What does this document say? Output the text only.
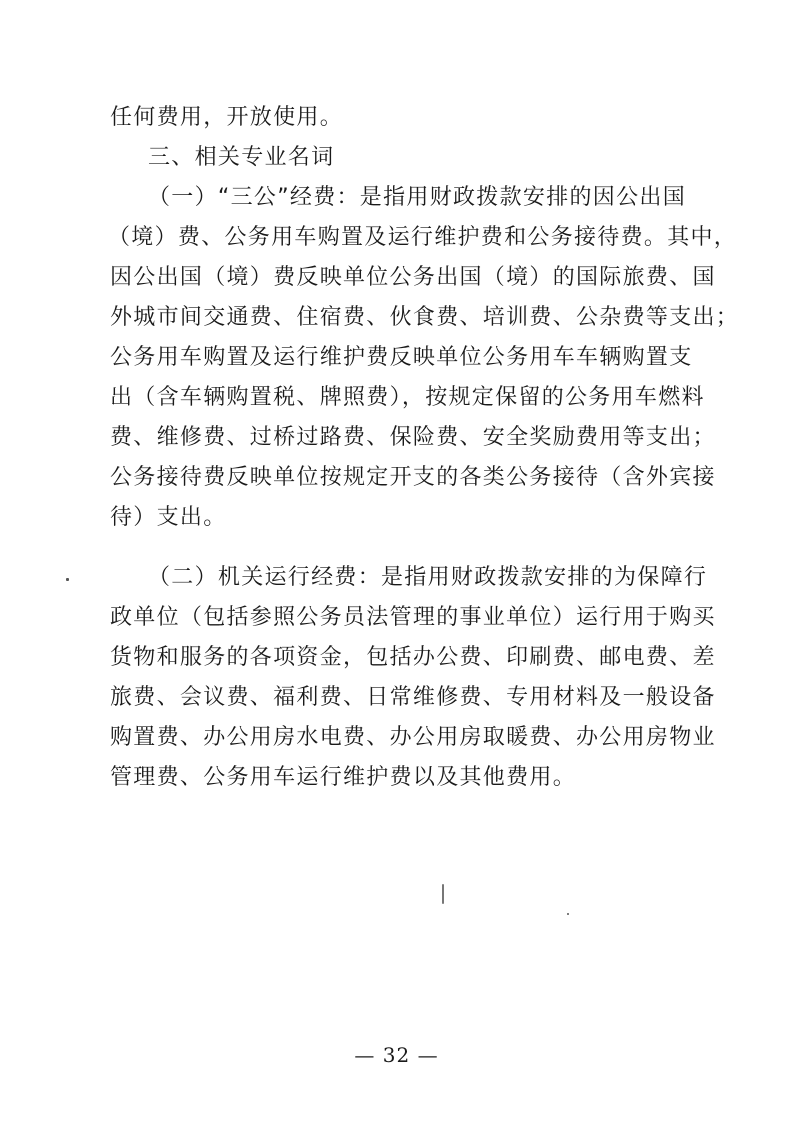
任何费用，开放使用。
三、相关专业名词
（一）“三公”经费：是指用财政拨款安排的因公出国
（境）费、公务用车购置及运行维护费和公务接待费。其中，
因公出国（境）费反映单位公务出国（境）的国际旅费、国
外城市间交通费、住宿费、伙食费、培训费、公杂费等支出；
公务用车购置及运行维护费反映单位公务用车车辆购置支
出（含车辆购置税、牌照费），按规定保留的公务用车燃料
费、维修费、过桥过路费、保险费、安全奖励费用等支出；
公务接待费反映单位按规定开支的各类公务接待（含外宾接
待）支出。
（二）机关运行经费：是指用财政拨款安排的为保障行
政单位（包括参照公务员法管理的事业单位）运行用于购买
货物和服务的各项资金，包括办公费、印刷费、邮电费、差
旅费、会议费、福利费、日常维修费、专用材料及一般设备
购置费、办公用房水电费、办公用房取暖费、办公用房物业
管理费、公务用车运行维护费以及其他费用。
— 32 —
